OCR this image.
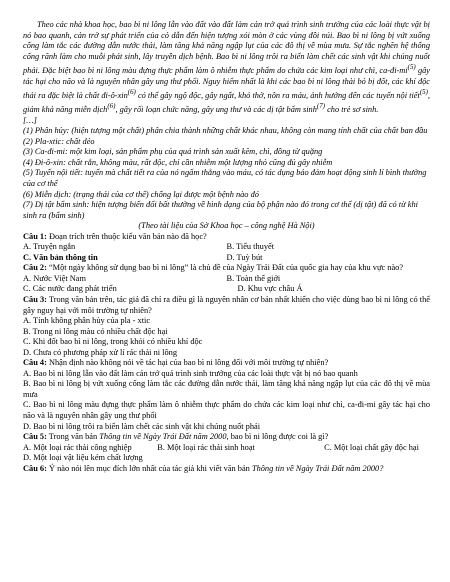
Theo các nhà khoa học, bao bì ni lông lẫn vào đất vào đất làm cản trở quá trình sinh trưởng của các loài thực vật bị nó bao quanh, cản trở sự phát triển của cỏ dẫn đến hiện tượng xói mòn ở các vùng đồi núi. Bao bì ni lông bị vứt xuống cống làm tắc các đường dẫn nước thải, làm tăng khả năng ngập lụt của các đô thị về mùa mưa. Sự tắc nghẽn hệ thống cống rãnh làm cho muỗi phát sinh, lây truyền dịch bệnh. Bao bì ni lông trôi ra biển làm chết các sinh vật khi chúng nuốt phải. Đặc biệt bao bì ni lông màu đựng thực phẩm làm ô nhiễm thực phẩm do chứa các kim loại như chì, $ca-đi-mi^{(5)}$ gây tác hại cho não và là nguyên nhân gây ung thư phổi. Nguy hiểm nhất là khi các bao bì ni lông thải bỏ bị đốt, các khí độc thải ra đặc biệt là chất đi-ô-xin$^{(6)}$ có thể gây ngộ độc, gây ngất, khó thở, nôn ra máu, ảnh hưởng đến các tuyến nội tiết$^{(5)}$, giảm khả năng miễn dịch$^{(6)}$, gây rối loạn chức năng, gây ung thư và các dị tật bẩm $\sinh^{(7)}$ cho trẻ sơ sinh.

[…]

(1) Phân hủy: (hiện tượng một chất) phân chia thành những chất khác nhau, không còn mang tính chất của chất ban đầu

(2) Pla-xtic: chất dẻo

(3) Ca-đi-mi: một kim loại, sản phẩm phụ của quá trình sản xuất kẽm, chì, đồng từ quặng

(4) Đi-ô-xin: chất rắn, không màu, rất độc, chỉ cần nhiễm một lượng nhỏ cũng đủ gây nhiễm

(5) Tuyến nội tiết: tuyến mà chất tiết ra của nó ngấm thẳng vào máu, có tác dụng bảo đảm hoạt động sinh lí bình thường của cơ thể

(6) Miễn dịch: (trạng thái của cơ thể) chống lại được một bệnh nào đó

(7) Dị tật bẩm sinh: hiện tượng biến đổi bất thường về hình dạng của bộ phận nào đó trong cơ thể (dị tật) đã có từ khi sinh ra (bẩm sinh)

(Theo tài liệu của Sở Khoa học – công nghệ Hà Nội)

Câu 1: Đoạn trích trên thuộc kiểu văn bản nào đã học?

A. Truyện ngắn	B. Tiểu thuyết
C. Văn bản thông tin	D. Tuỳ bút

Câu 2: “Một ngày không sử dụng bao bì ni lông” là chủ đề của Ngày Trái Đất của quốc gia hay của khu vực nào?

A. Nước Việt Nam	B. Toàn thế giới
C. Các nước đang phát triển	D. Khu vực châu Á

Câu 3: Trong văn bản trên, tác giả đã chỉ ra điều gì là nguyên nhân cơ bản nhất khiến cho việc dùng bao bì ni lông có thể gây nguy hại với môi trường tự nhiên?

A. Tính không phân hủy của pla - xtic

B. Trong ni lông màu có nhiều chất độc hại

C. Khi đốt bao bì ni lông, trong khói có nhiều khí độc

D. Chưa có phương pháp xử lí rác thải ni lông

Câu 4: Nhận định nào không nói về tác hại của bao bì ni lông đối với môi trường tự nhiên?

A. Bao bì ni lông lẫn vào đất làm cản trở quá trình sinh trưởng của các loài thực vật bị nó bao quanh

B. Bao bì ni lông bị vứt xuống cống làm tắc các đường dẫn nước thải, làm tăng khả năng ngập lụt của các đô thị về mùa mưa

C. Bao bì ni lông màu đựng thực phẩm làm ô nhiễm thực phẩm do chứa các kim loại như chì, ca-đi-mi gây tác hại cho não và là nguyên nhân gây ung thư phổi

D. Bao bì ni lông trôi ra biển làm chết các sinh vật khi chúng nuốt phải

Câu 5: Trong văn bản Thông tin về Ngày Trái Đất năm 2000, bao bì ni lông được coi là gì?

A. Một loại rác thải công nghiệp	B. Một loại rác thải sinh hoạt	C. Một loại chất gây độc hại
D. Một loại vật liệu kém chất lượng

Câu 6: Ý nào nói lên mục đích lớn nhất của tác giả khi viết văn bản Thông tin về Ngày Trái Đất năm 2000?
